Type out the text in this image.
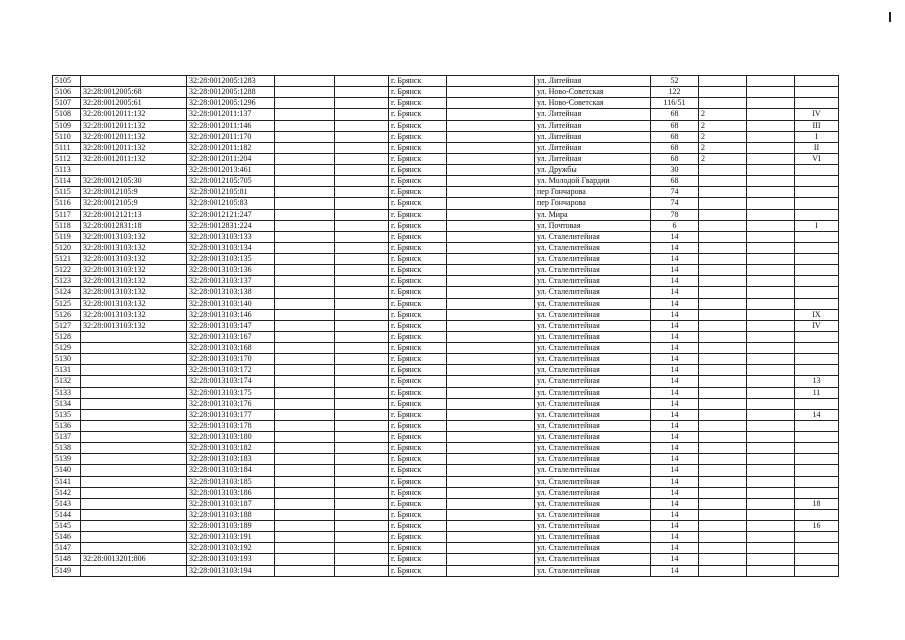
5105		32:28:0012005:1283			г. Брянск		ул. Литейная	52			
5106	32:28:0012005:68	32:28:0012005:1288			г. Брянск		ул. Ново-Советская	122			
5107	32:28:0012005:61	32:28:0012005:1296			г. Брянск		ул. Ново-Советская	116/51			
5108	32:28:0012011:132	32:28:0012011:137			г. Брянск		ул. Литейная	68	2		IV
5109	32:28:0012011:132	32:28:0012011:146			г. Брянск		ул. Литейная	68	2		III
5110	32:28:0012011:132	32:28:0012011:170			г. Брянск		ул. Литейная	68	2		I
5111	32:28:0012011:132	32:28:0012011:182			г. Брянск		ул. Литейная	68	2		II
5112	32:28:0012011:132	32:28:0012011:204			г. Брянск		ул. Литейная	68	2		VI
5113		32:28:0012013:461			г. Брянск		ул. Дружбы	30			
5114	32:28:0012105:30	32:28:0012105:705			г. Брянск		ул. Молодой Гвардии	68			
5115	32:28:0012105:9	32:28:0012105:81			г. Брянск		пер Гончарова	74			
5116	32:28:0012105:9	32:28:0012105:83			г. Брянск		пер Гончарова	74			
5117	32:28:0012121:13	32:28:0012121:247			г. Брянск		ул. Мира	78			
5118	32:28:0012831:18	32:28:0012831:224			г. Брянск		ул. Почтовая	6			I
5119	32:28:0013103:132	32:28:0013103:133			г. Брянск		ул. Сталелитейная	14			
5120	32:28:0013103:132	32:28:0013103:134			г. Брянск		ул. Сталелитейная	14			
5121	32:28:0013103:132	32:28:0013103:135			г. Брянск		ул. Сталелитейная	14			
5122	32:28:0013103:132	32:28:0013103:136			г. Брянск		ул. Сталелитейная	14			
5123	32:28:0013103:132	32:28:0013103:137			г. Брянск		ул. Сталелитейная	14			
5124	32:28:0013103:132	32:28:0013103:138			г. Брянск		ул. Сталелитейная	14			
5125	32:28:0013103:132	32:28:0013103:140			г. Брянск		ул. Сталелитейная	14			
5126	32:28:0013103:132	32:28:0013103:146			г. Брянск		ул. Сталелитейная	14			IX
5127	32:28:0013103:132	32:28:0013103:147			г. Брянск		ул. Сталелитейная	14			IV
5128		32:28:0013103:167			г. Брянск		ул. Сталелитейная	14			
5129		32:28:0013103:168			г. Брянск		ул. Сталелитейная	14			
5130		32:28:0013103:170			г. Брянск		ул. Сталелитейная	14			
5131		32:28:0013103:172			г. Брянск		ул. Сталелитейная	14			
5132		32:28:0013103:174			г. Брянск		ул. Сталелитейная	14			13
5133		32:28:0013103:175			г. Брянск		ул. Сталелитейная	14			11
5134		32:28:0013103:176			г. Брянск		ул. Сталелитейная	14			
5135		32:28:0013103:177			г. Брянск		ул. Сталелитейная	14			14
5136		32:28:0013103:178			г. Брянск		ул. Сталелитейная	14			
5137		32:28:0013103:180			г. Брянск		ул. Сталелитейная	14			
5138		32:28:0013103:182			г. Брянск		ул. Сталелитейная	14			
5139		32:28:0013103:183			г. Брянск		ул. Сталелитейная	14			
5140		32:28:0013103:184			г. Брянск		ул. Сталелитейная	14			
5141		32:28:0013103:185			г. Брянск		ул. Сталелитейная	14			
5142		32:28:0013103:186			г. Брянск		ул. Сталелитейная	14			
5143		32:28:0013103:187			г. Брянск		ул. Сталелитейная	14			18
5144		32:28:0013103:188			г. Брянск		ул. Сталелитейная	14			
5145		32:28:0013103:189			г. Брянск		ул. Сталелитейная	14			16
5146		32:28:0013103:191			г. Брянск		ул. Сталелитейная	14			
5147		32:28:0013103:192			г. Брянск		ул. Сталелитейная	14			
5148	32:28:0013201:806	32:28:0013103:193			г. Брянск		ул. Сталелитейная	14			
5149		32:28:0013103:194			г. Брянск		ул. Сталелитейная	14			
